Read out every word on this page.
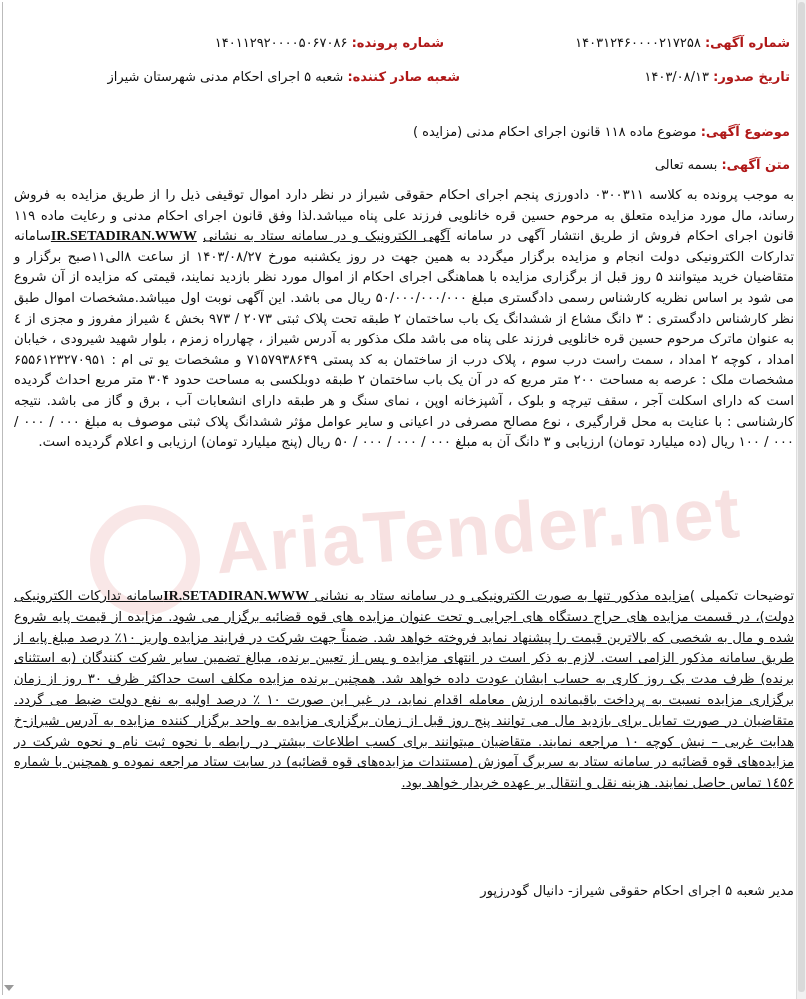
AriaTender.net
شماره آگهی: ۱۴۰۳۱۲۴۶۰۰۰۰۲۱۷۲۵۸
شماره پرونده: ۱۴۰۱۱۲۹۲۰۰۰۰۵۰۶۷۰۸۶
تاریخ صدور: ۱۴۰۳/۰۸/۱۳
شعبه صادر کننده: شعبه ۵ اجرای احکام مدنی شهرستان شیراز
موضوع آگهی: موضوع ماده ۱۱۸ قانون اجرای احکام مدنی (مزایده )
متن آگهی: بسمه تعالی
به موجب پرونده به کلاسه ۰۳۰۰۳۱۱ دادورزی پنجم اجرای احکام حقوقی شیراز در نظر دارد اموال توقیفی ذیل را از طریق مزایده به فروش رساند، مال مورد مزایده متعلق به مرحوم حسین قره خانلویی فرزند علی پناه میباشد.لذا وفق قانون اجرای احکام مدنی و رعایت ماده ۱۱۹ قانون اجرای احکام فروش از طریق انتشار آگهی در سامانه آگهی الکترونیک و در سامانه ستاد به نشانی IR.SETADIRAN.WWWسامانه تدارکات الکترونیکی دولت انجام و مزایده برگزار میگردد به همین جهت در روز یکشنبه مورخ ۱۴۰۳/۰۸/۲۷ از ساعت ۸الی۱۱صبح برگزار و متقاضیان خرید میتوانند ۵ روز قبل از برگزاری مزایده با هماهنگی اجرای احکام از اموال مورد نظر بازدید نمایند، قیمتی که مزایده از آن شروع می شود بر اساس نظریه کارشناس رسمی دادگستری مبلغ ۵۰/۰۰۰/۰۰۰/۰۰۰ ریال می باشد. این آگهی نوبت اول میباشد.مشخصات اموال طبق نظر کارشناس دادگستری : ۳ دانگ مشاع از ششدانگ یک باب ساختمان ۲ طبقه تحت پلاک ثبتی ۲۰۷۳ / ۹۷۳ بخش ٤ شیراز مفروز و مجزی از ٤ به عنوان ماترک مرحوم حسین قره خانلویی فرزند علی پناه می باشد ملک مذکور به آدرس شیراز ، چهارراه زمزم ، بلوار شهید شیرودی ، خیابان امداد ، کوچه ۲ امداد ، سمت راست درب سوم ، پلاک درب از ساختمان به کد پستی ۷۱۵۷۹۳۸۶۴۹ و مشخصات یو تی ام : ۶۵۵۶۱۲۳۲۷۰۹۵۱ مشخصات ملک : عرصه به مساحت ۲۰۰ متر مربع که در آن یک باب ساختمان ۲ طبقه دوبلکسی به مساحت حدود ۳۰۴ متر مربع احداث گردیده است که دارای اسکلت آجر ، سقف تیرچه و بلوک ، آشپزخانه اوپن ، نمای سنگ و هر طبقه دارای انشعابات آب ، برق و گاز می باشد. نتیجه کارشناسی : با عنایت به محل قرارگیری ، نوع مصالح مصرفی در اعیانی و سایر عوامل مؤثر ششدانگ پلاک ثبتی موصوف به مبلغ ۰۰۰ / ۰۰۰ / ۰۰۰ / ۱۰۰ ریال (ده میلیارد تومان) ارزیابی و ۳ دانگ آن به مبلغ ۰۰۰ / ۰۰۰ / ۰۰۰ / ۵۰ ریال (پنج میلیارد تومان) ارزیابی و اعلام گردیده است.
توضیحات تکمیلی )مزایده مذکور تنها به صورت الکترونیکی و در سامانه ستاد به نشانی IR.SETADIRAN.WWWسامانه تدارکات الکترونیکی دولت)، در قسمت مزایده های حراج دستگاه های اجرایی و تحت عنوان مزایده های قوه قضائیه برگزار می شود. مزایده از قیمت پایه شروع شده و مال به شخصی که بالاترین قیمت را پیشنهاد نماید فروخته خواهد شد. ضمناً جهت شرکت در فرایند مزایده واریز ۱۰٪ درصد مبلغ پایه از طریق سامانه مذکور الزامی است. لازم به ذکر است در انتهای مزایده و پس از تعیین برنده، مبالغ تضمین سایر شرکت کنندگان (به استثنای برنده) ظرف مدت یک روز کاری به حساب ایشان عودت داده خواهد شد. همچنین برنده مزایده مکلف است حداکثر ظرف ۳۰ روز از زمان برگزاری مزایده نسبت به پرداخت باقیمانده ارزش معامله اقدام نماید، در غیر این صورت ۱۰ ٪ درصد اولیه به نفع دولت ضبط می گردد. متقاضیان در صورت تمایل برای بازدید مال می توانند پنج روز قبل از زمان برگزاری مزایده به واحد برگزار کننده مزایده به آدرس شیراز-خ هدایت غربی – نبش کوچه ۱۰ مراجعه نمایند. متقاضیان میتوانند برای کسب اطلاعات بیشتر در رابطه با نحوه ثبت نام و نحوه شرکت در مزایده‌های قوه قضائیه در سامانه ستاد به سربرگ آموزش (مستندات مزایده‌های قوه قضائیه) در سایت ستاد مراجعه نموده و همچنین با شماره ۱٤۵۶ تماس حاصل نمایند. هزینه نقل و انتقال بر عهده خریدار خواهد بود.
مدیر شعبه ۵ اجرای احکام حقوقی شیراز- دانیال گودرزپور
